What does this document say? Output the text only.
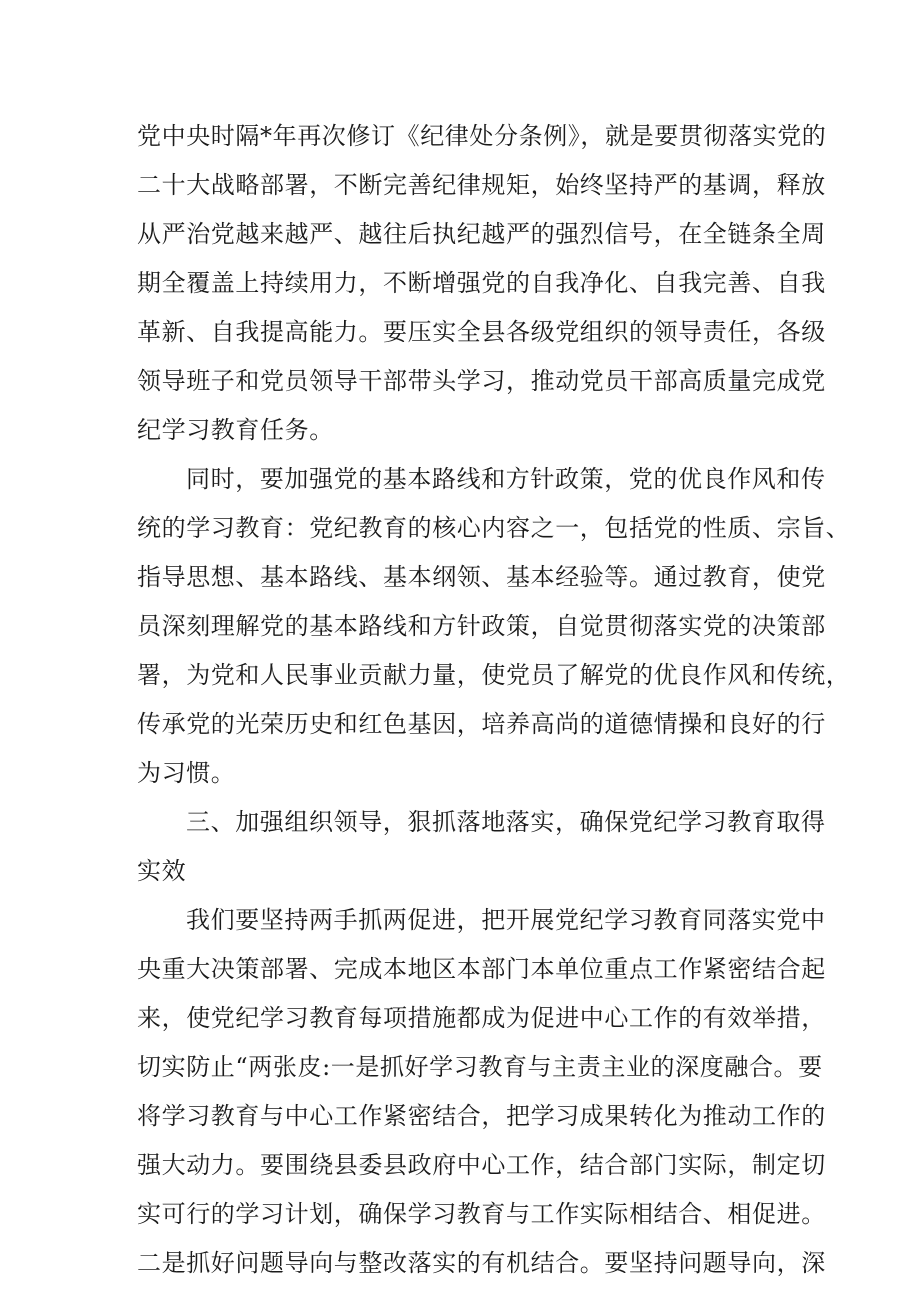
党中央时隔*年再次修订《纪律处分条例》，就是要贯彻落实党的
二十大战略部署，不断完善纪律规矩，始终坚持严的基调，释放
从严治党越来越严、越往后执纪越严的强烈信号，在全链条全周
期全覆盖上持续用力，不断增强党的自我净化、自我完善、自我
革新、自我提高能力。要压实全县各级党组织的领导责任，各级
领导班子和党员领导干部带头学习，推动党员干部高质量完成党
纪学习教育任务。
同时，要加强党的基本路线和方针政策，党的优良作风和传
统的学习教育：党纪教育的核心内容之一，包括党的性质、宗旨、
指导思想、基本路线、基本纲领、基本经验等。通过教育，使党
员深刻理解党的基本路线和方针政策，自觉贯彻落实党的决策部
署，为党和人民事业贡献力量，使党员了解党的优良作风和传统，
传承党的光荣历史和红色基因，培养高尚的道德情操和良好的行
为习惯。
三、加强组织领导，狠抓落地落实，确保党纪学习教育取得
实效
我们要坚持两手抓两促进，把开展党纪学习教育同落实党中
央重大决策部署、完成本地区本部门本单位重点工作紧密结合起
来，使党纪学习教育每项措施都成为促进中心工作的有效举措，
切实防止“两张皮:一是抓好学习教育与主责主业的深度融合。要
将学习教育与中心工作紧密结合，把学习成果转化为推动工作的
强大动力。要围绕县委县政府中心工作，结合部门实际，制定切
实可行的学习计划，确保学习教育与工作实际相结合、相促进。
二是抓好问题导向与整改落实的有机结合。要坚持问题导向，深
